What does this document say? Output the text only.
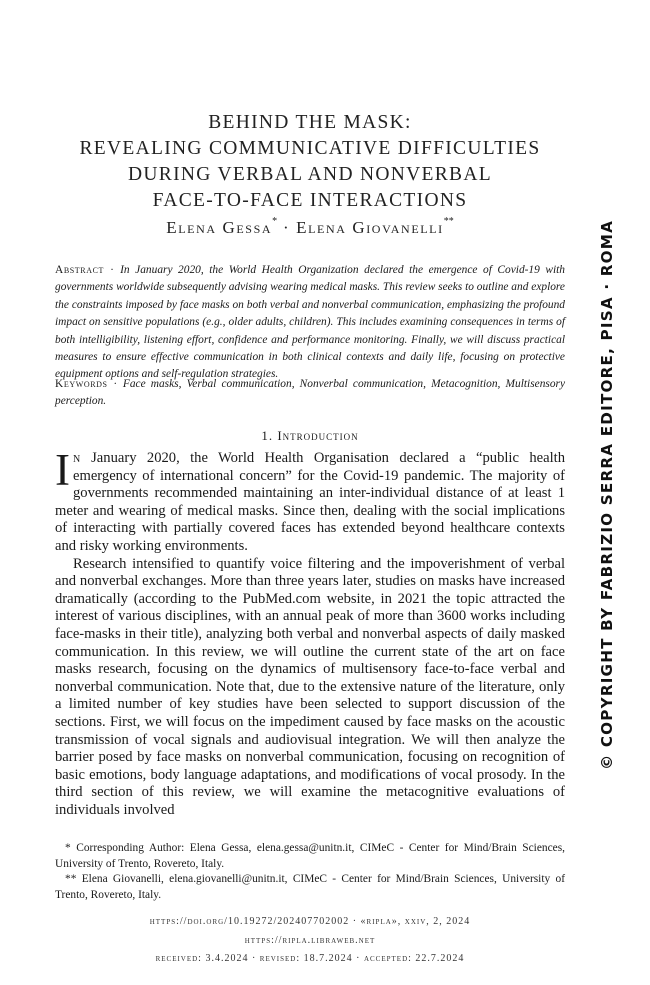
BEHIND THE MASK:
REVEALING COMMUNICATIVE DIFFICULTIES
DURING VERBAL AND NONVERBAL
FACE-TO-FACE INTERACTIONS
Elena Gessa* · Elena Giovanelli**
Abstract · In January 2020, the World Health Organization declared the emergence of Covid-19 with governments worldwide subsequently advising wearing medical masks. This review seeks to outline and explore the constraints imposed by face masks on both verbal and nonverbal communication, emphasizing the profound impact on sensitive populations (e.g., older adults, children). This includes examining consequences in terms of both intelligibility, listening effort, confidence and performance monitoring. Finally, we will discuss practical measures to ensure effective communication in both clinical contexts and daily life, focusing on protective equipment options and self-regulation strategies.
Keywords · Face masks, Verbal communication, Nonverbal communication, Metacognition, Multisensory perception.
1. Introduction

In January 2020, the World Health Organisation declared a “public health emergency of international concern” for the Covid-19 pandemic. The majority of governments recommended maintaining an inter-individual distance of at least 1 meter and wearing of medical masks. Since then, dealing with the social implications of interacting with partially covered faces has extended beyond healthcare contexts and risky working environments.

Research intensified to quantify voice filtering and the impoverishment of verbal and nonverbal exchanges. More than three years later, studies on masks have increased dramatically (according to the PubMed.com website, in 2021 the topic attracted the interest of various disciplines, with an annual peak of more than 3600 works including face-masks in their title), analyzing both verbal and nonverbal aspects of daily masked communication. In this review, we will outline the current state of the art on face masks research, focusing on the dynamics of multisensory face-to-face verbal and nonverbal communication. Note that, due to the extensive nature of the literature, only a limited number of key studies have been selected to support discussion of the sections. First, we will focus on the impediment caused by face masks on the acoustic transmission of vocal signals and audiovisual integration. We will then analyze the barrier posed by face masks on nonverbal communication, focusing on recognition of basic emotions, body language adaptations, and modifications of vocal prosody. In the third section of this review, we will examine the metacognitive evaluations of individuals involved

* Corresponding Author: Elena Gessa, elena.gessa@unitn.it, CIMeC - Center for Mind/Brain Sciences, University of Trento, Rovereto, Italy.

** Elena Giovanelli, elena.giovanelli@unitn.it, CIMeC - Center for Mind/Brain Sciences, University of Trento, Rovereto, Italy.

https://doi.org/10.19272/202407702002 · «ripla», xxiv, 2, 2024
https://ripla.libraweb.net
received: 3.4.2024 · revised: 18.7.2024 · accepted: 22.7.2024
© COPYRIGHT BY FABRIZIO SERRA EDITORE, PISA · ROMA
